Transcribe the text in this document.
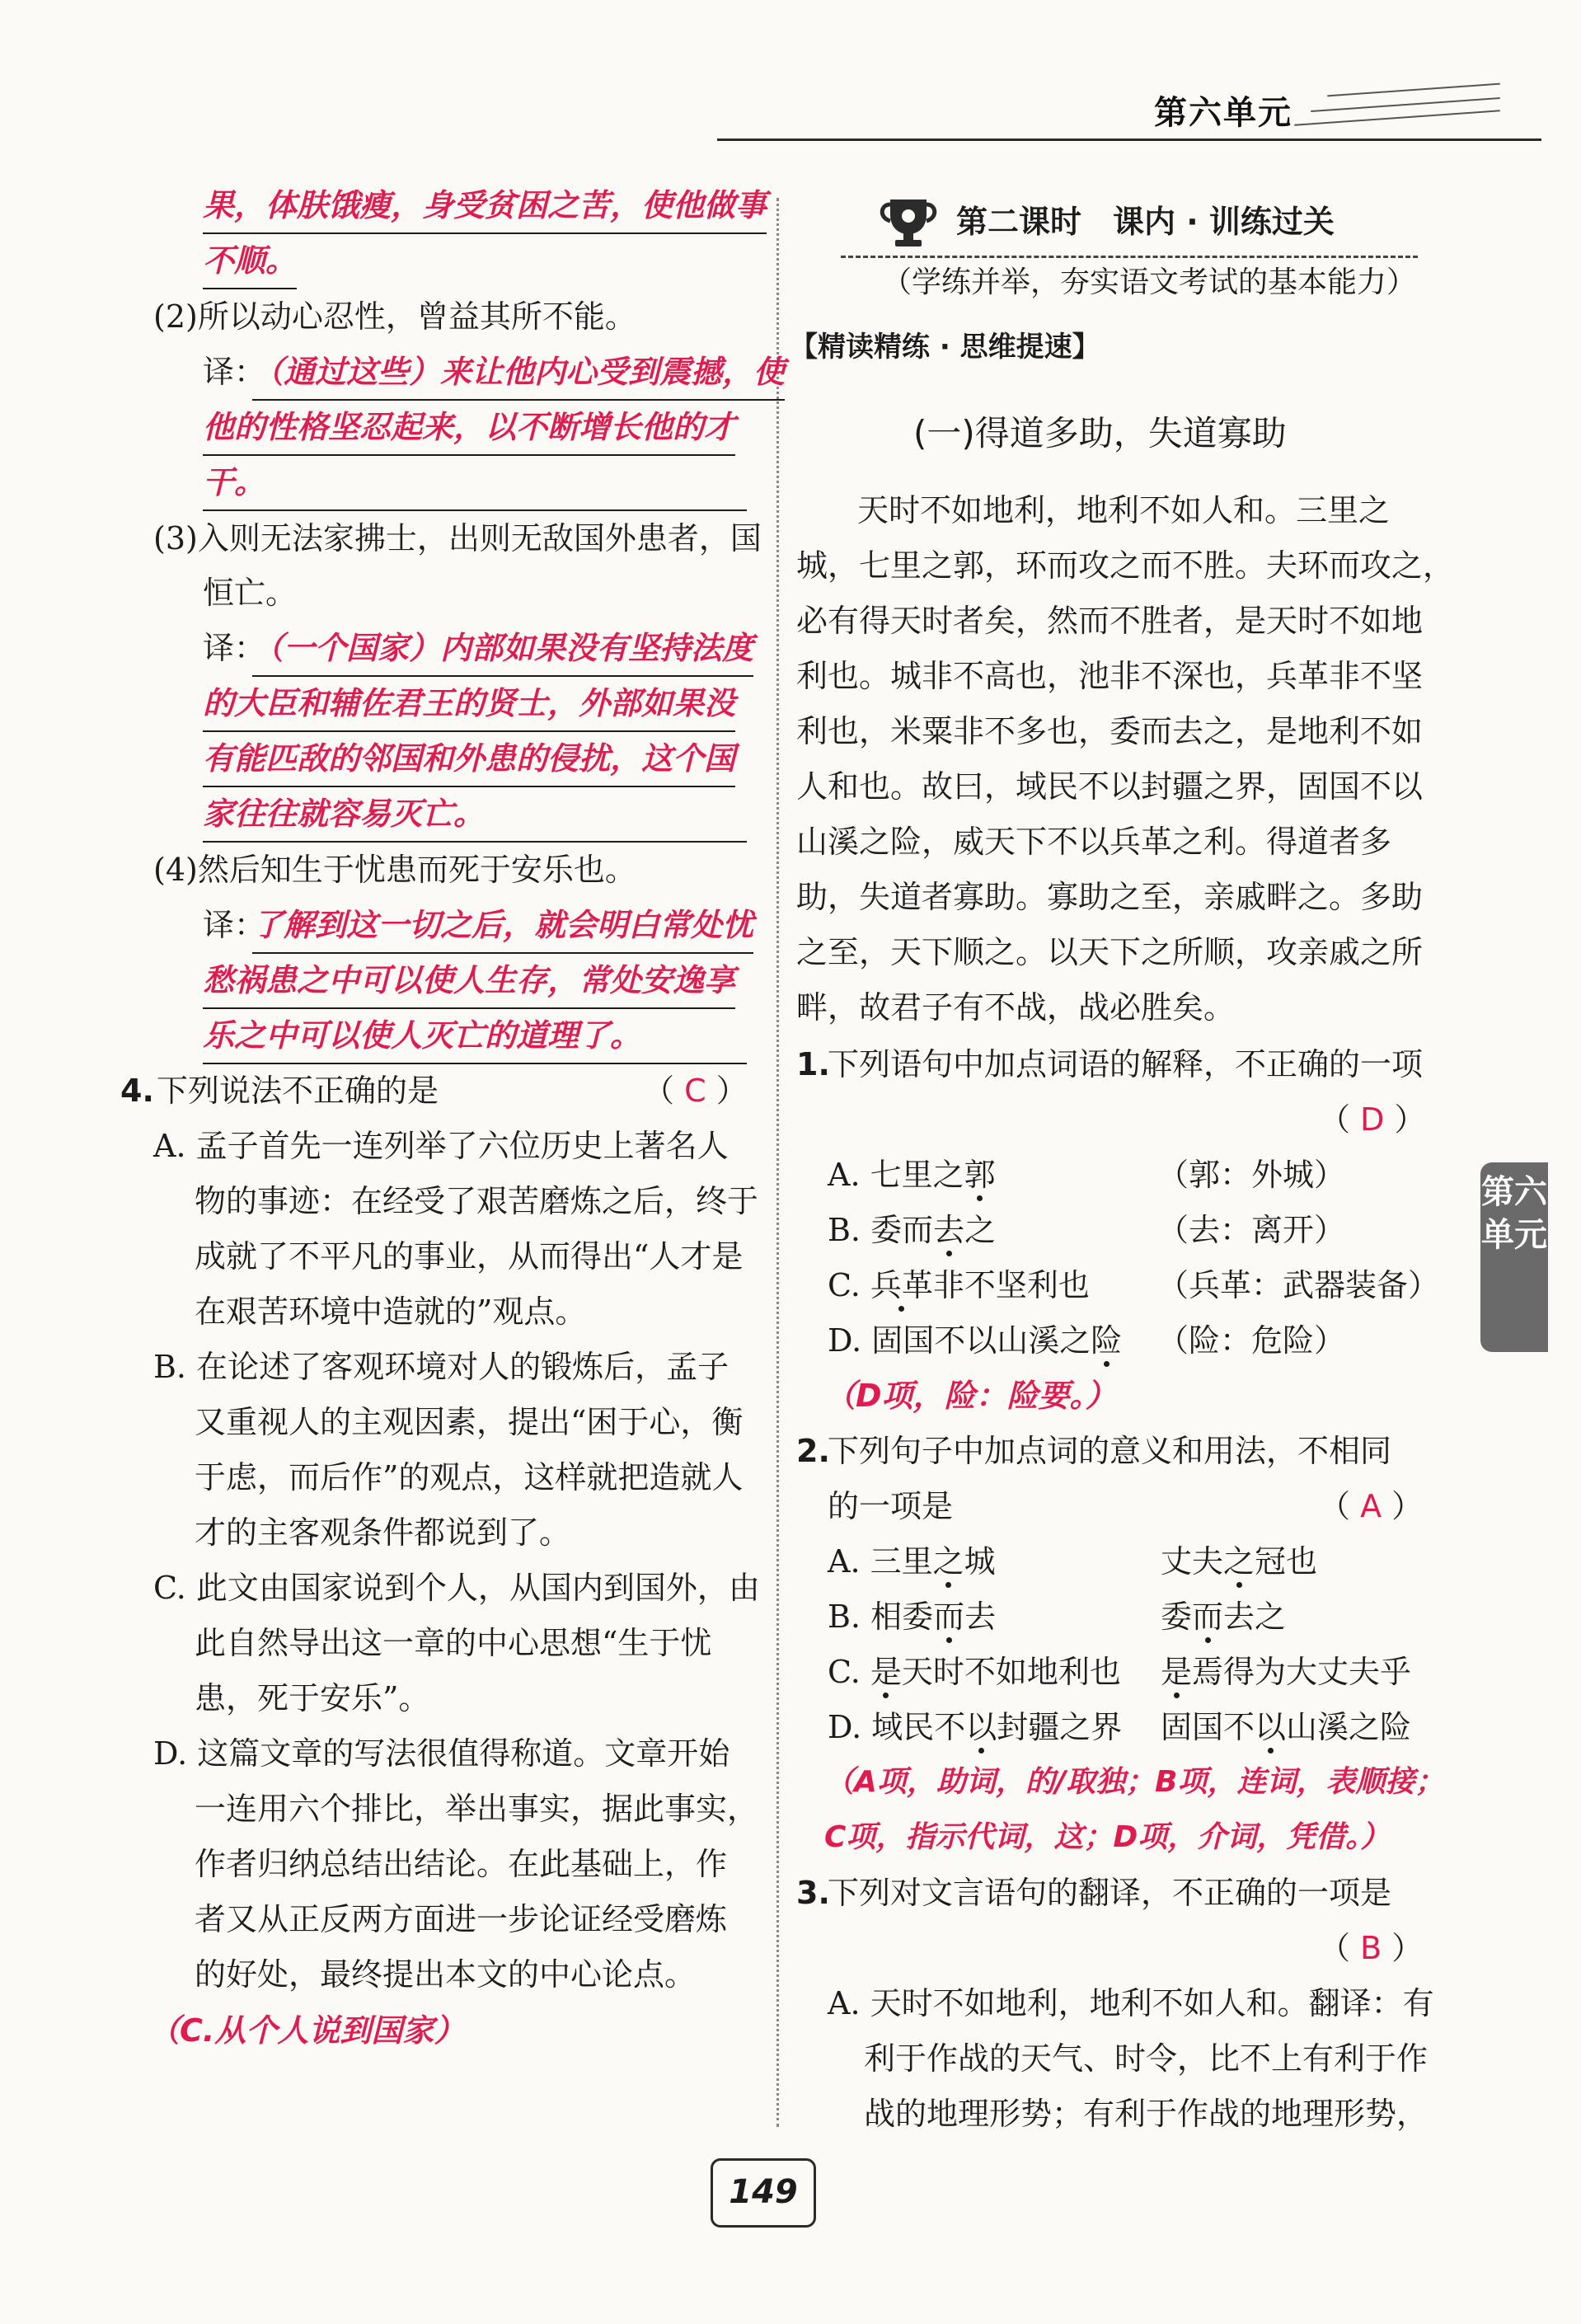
第六单元
第六单元
果，体肤饿瘦，身受贫困之苦，使他做事
不顺。
(2)所以动心忍性，曾益其所不能。
译：
（通过这些）来让他内心受到震撼，使
他的性格坚忍起来，以不断增长他的才
干。
(3)入则无法家拂士，出则无敌国外患者，国
恒亡。
译：
（一个国家）内部如果没有坚持法度
的大臣和辅佐君王的贤士，外部如果没
有能匹敌的邻国和外患的侵扰，这个国
家往往就容易灭亡。
(4)然后知生于忧患而死于安乐也。
译：
了解到这一切之后，就会明白常处忧
愁祸患之中可以使人生存，常处安逸享
乐之中可以使人灭亡的道理了。
4. 下列说法不正确的是	（ C ）
A. 孟子首先一连列举了六位历史上著名人
物的事迹：在经受了艰苦磨炼之后，终于
成就了不平凡的事业，从而得出“人才是
在艰苦环境中造就的”观点。
B. 在论述了客观环境对人的锻炼后，孟子
又重视人的主观因素，提出“困于心，衡
于虑，而后作”的观点，这样就把造就人
才的主客观条件都说到了。
C. 此文由国家说到个人，从国内到国外，由
此自然导出这一章的中心思想“生于忧
患，死于安乐”。
D. 这篇文章的写法很值得称道。文章开始
一连用六个排比，举出事实，据此事实，
作者归纳总结出结论。在此基础上，作
者又从正反两方面进一步论证经受磨炼
的好处，最终提出本文的中心论点。
（C.从个人说到国家）
第二课时　课内 · 训练过关
（学练并举，夯实语文考试的基本能力）
【精读精练 · 思维提速】
(一)得道多助，失道寡助
天时不如地利，地利不如人和。三里之
城，七里之郭，环而攻之而不胜。夫环而攻之，
必有得天时者矣，然而不胜者，是天时不如地
利也。城非不高也，池非不深也，兵革非不坚
利也，米粟非不多也，委而去之，是地利不如
人和也。故曰，域民不以封疆之界，固国不以
山溪之险，威天下不以兵革之利。得道者多
助，失道者寡助。寡助之至，亲戚畔之。多助
之至，天下顺之。以天下之所顺，攻亲戚之所
畔，故君子有不战，战必胜矣。
1.
下列语句中加点词语的解释，不正确的一项
（ D ）
A. 七里之郭	（郭：外城）
B. 委而去之	（去：离开）
C. 兵革非不坚利也 （兵革：武器装备）
D. 固国不以山溪之险 （险：危险）
（D项，险：险要。）
2.
下列句子中加点词的意义和用法，不相同
的一项是	（ A ）
A. 三里之城	丈夫之冠也
B. 相委而去	委而去之
C. 是天时不如地利也 是焉得为大丈夫乎
D. 域民不以封疆之界 固国不以山溪之险
（A项，助词，的/取独；B项，连词，表顺接；
C项，指示代词，这；D项，介词，凭借。）
3.
下列对文言语句的翻译，不正确的一项是
（ B ）
A. 天时不如地利，地利不如人和。翻译：有
利于作战的天气、时令，比不上有利于作
战的地理形势；有利于作战的地理形势，
149
